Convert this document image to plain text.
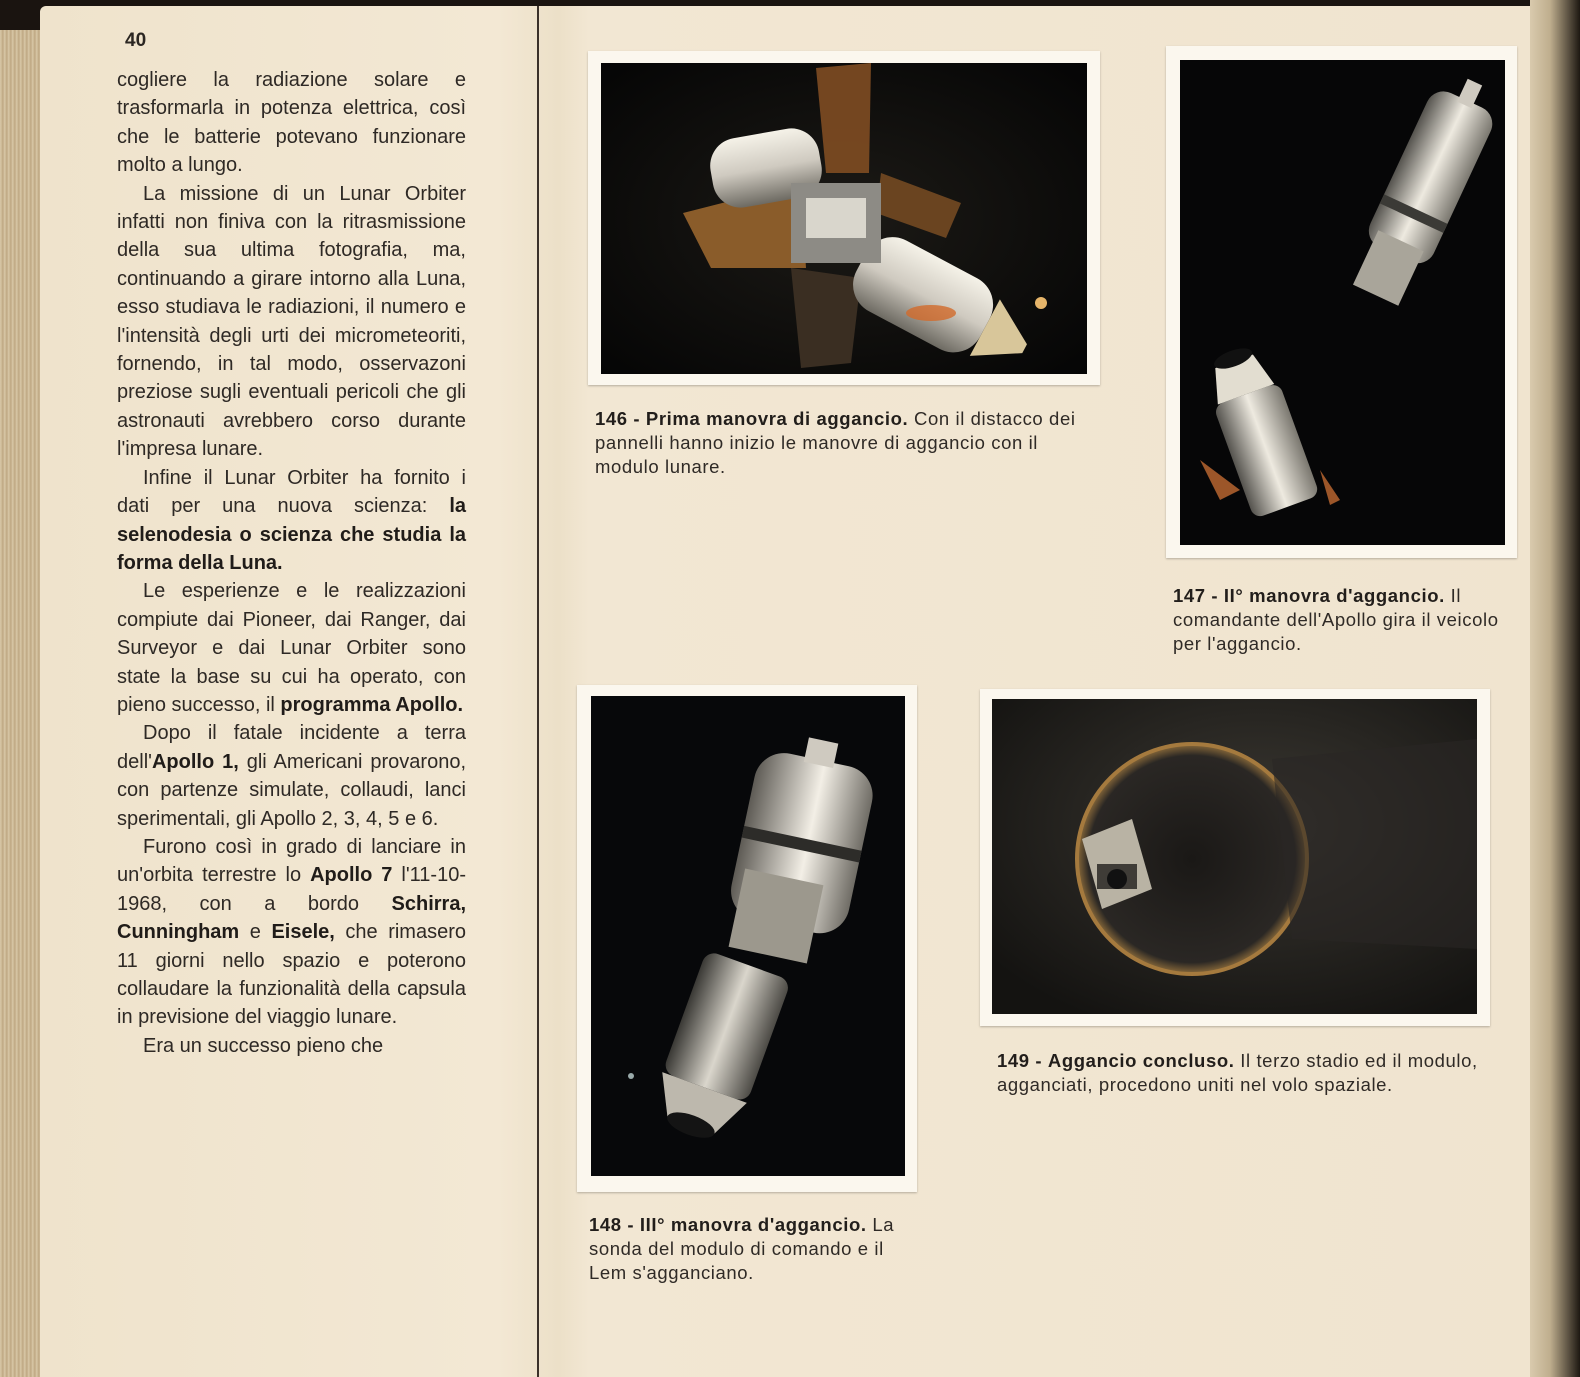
40

cogliere la radiazione solare e trasformarla in potenza elettrica, così che le batterie potevano funzionare molto a lungo.

La missione di un Lunar Orbiter infatti non finiva con la ritrasmissione della sua ultima fotografia, ma, continuando a girare intorno alla Luna, esso studiava le radiazioni, il numero e l'intensità degli urti dei micrometeoriti, fornendo, in tal modo, osservazoni preziose sugli eventuali pericoli che gli astronauti avrebbero corso durante l'impresa lunare.

Infine il Lunar Orbiter ha fornito i dati per una nuova scienza: la selenodesia o scienza che studia la forma della Luna.

Le esperienze e le realizzazioni compiute dai Pioneer, dai Ranger, dai Surveyor e dai Lunar Orbiter sono state la base su cui ha operato, con pieno successo, il programma Apollo.

Dopo il fatale incidente a terra dell'Apollo 1, gli Americani provarono, con partenze simulate, collaudi, lanci sperimentali, gli Apollo 2, 3, 4, 5 e 6.

Furono così in grado di lanciare in un'orbita terrestre lo Apollo 7 l'11-10-1968, con a bordo Schirra, Cunningham e Eisele, che rimasero 11 giorni nello spazio e poterono collaudare la funzionalità della capsula in previsione del viaggio lunare.

Era un successo pieno che

146 - Prima manovra di aggancio. Con il distacco dei pannelli hanno inizio le manovre di aggancio con il modulo lunare.
147 - II° manovra d'aggancio. Il comandante dell'Apollo gira il veicolo per l'aggancio.
148 - III° manovra d'aggancio. La sonda del modulo di comando e il Lem s'agganciano.
149 - Aggancio concluso. Il terzo stadio ed il modulo, agganciati, procedono uniti nel volo spaziale.
